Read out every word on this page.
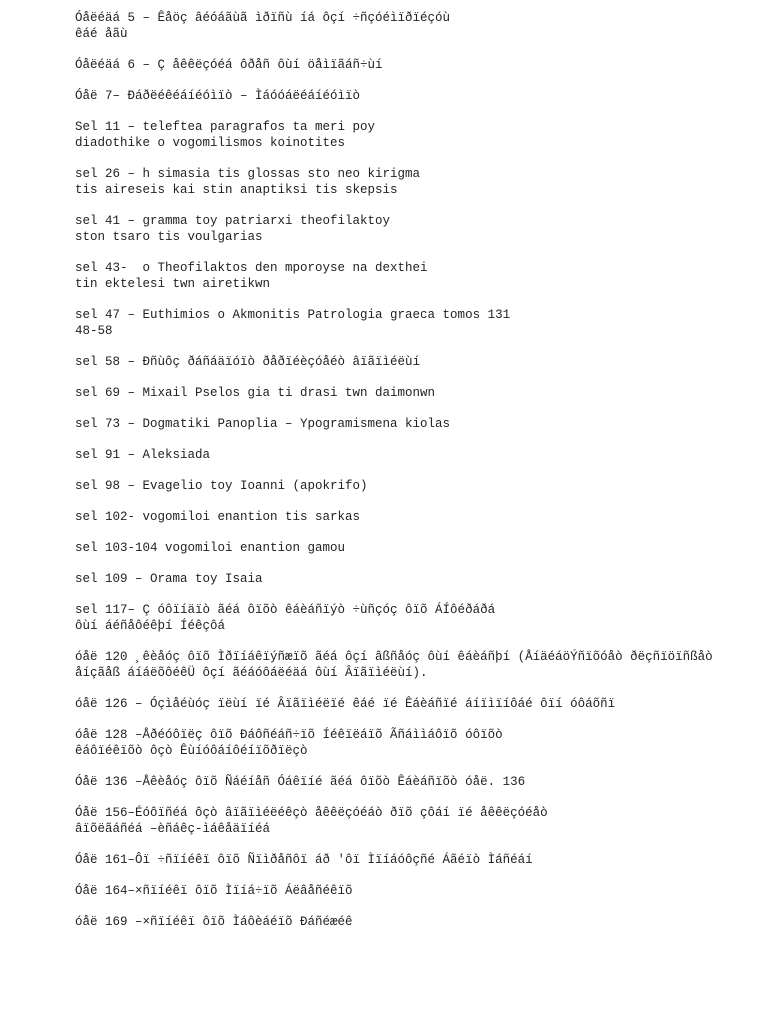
Óåëéäá 5 – Êåöç âéóáãùã ìðïñù íá ôçí ÷ñçóéìïðïéçóù
êáé åãù
Óåëéäá 6 – Ç åêêëçóéá ôðåñ ôùí öåìïãáñ÷ùí
Óåë 7– Ðáðëéêéáíéóìïò – Ìáóóáëéáíéóìïò
Sel 11 – teleftea paragrafos ta meri poy
diadothike o vogomilismos koinotites
sel 26 – h simasia tis glossas sto neo kirigma
tis aireseis kai stin anaptiksi tis skepsis
sel 41 – gramma toy patriarxi theofilaktoy
ston tsaro tis voulgarias
sel 43-  o Theofilaktos den mporoyse na dexthei
tin ektelesi twn airetikwn
sel 47 – Euthimios o Akmonitis Patrologia graeca tomos 131
48-58
sel 58 – Ðñùôç ðáñáäïóïò ðåðïéèçóåéò âïãïìéëùí
sel 69 – Mixail Pselos gia ti drasi twn daimonwn
sel 73 – Dogmatiki Panoplia – Ypogramismena kiolas
sel 91 – Aleksiada
sel 98 – Evagelio toy Ioanni (apokrifo)
sel 102- vogomiloi enantion tis sarkas
sel 103-104 vogomiloi enantion gamou
sel 109 – Orama toy Isaia
sel 117– Ç óôïíäïò ãéá ôïõò êáèáñïýò ÷ùñçóç ôïõ ÁÍôéðáðá
ôùí áéñåôéêþí Íéêçôá
óåë 120 ¸êèåóç ôïõ Ìðïíáêïýñæïõ ãéá ôçí âßñåóç ôùí êáèáñþí (ÅíäéáöÝñïõóåò ðëçñïöïñßåò
åíçãåß áíáëõôéêÜ ôçí ãéáóôáëéäá ôùí Âïãïìéëùí).
óåë 126 – Óçìåéùóç ïëùí ïé Âïãïìéëïé êáé ïé Êáèáñïé áíïìïíôáé ôïí óôáõñï
óåë 128 –Åðéóôïëç ôïõ Ðáôñéáñ÷ïõ Íéêïëáïõ Ãñáììáôïõ óôïõò
êáôïéêïõò ôçò Êùíóôáíôéíïõðïëçò
Óåë 136 –Åêèåóç ôïõ Ñáéíåñ Óáêïíé ãéá ôïõò Êáèáñïõò óåë. 136
Óåë 156–Éóôïñéá ôçò âïãïìéëéêçò åêêëçóéáò ðïõ çôáí ïé åêêëçóéåò
âïõëãáñéá –èñáêç-ìáêåäïíéá
Óåë 161–Ôï ÷ñïíéêï ôïõ Ñïìðåñôï áð 'ôï Ìïíáóôçñé Áãéïò Ìáñéáí
Óåë 164–×ñïíéêï ôïõ Ìïíá÷ïõ Áëâåñéêïõ
óåë 169 –×ñïíéêï ôïõ Ìáôèáéïõ Ðáñéæéê
